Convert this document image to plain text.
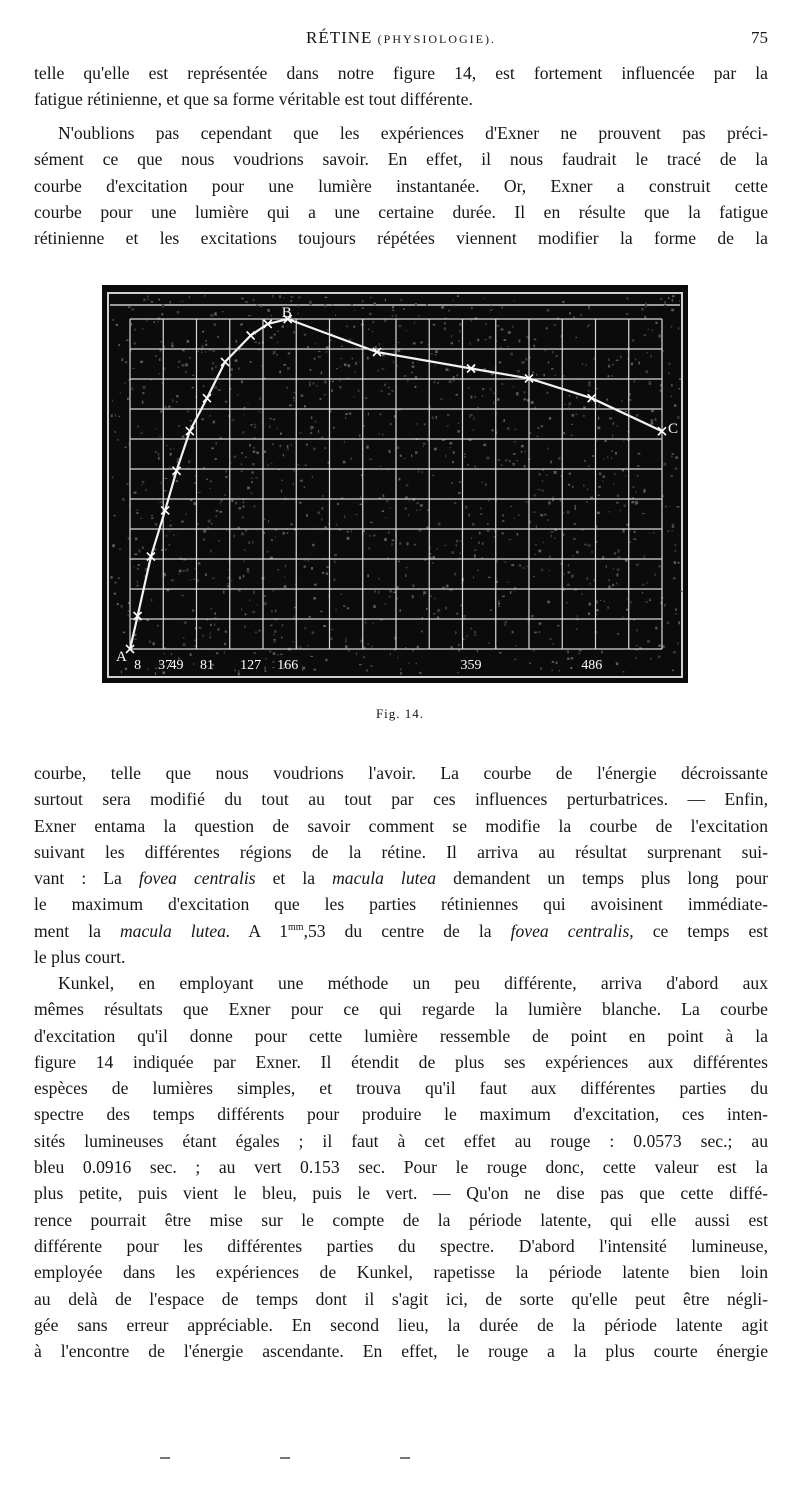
RÉTINE (PHYSIOLOGIE).	75

telle qu'elle est représentée dans notre figure 14, est fortement influencée par la
fatigue rétinienne, et que sa forme véritable est tout différente.

N'oublions pas cependant que les expériences d'Exner ne prouvent pas préci-
sément ce que nous voudrions savoir. En effet, il nous faudrait le tracé de la
courbe d'excitation pour une lumière instantanée. Or, Exner a construit cette
courbe pour une lumière qui a une certaine durée. Il en résulte que la fatigue
rétinienne et les excitations toujours répétées viennent modifier la forme de la

A
B
C
8 37
49 81 127 166	359	486
Fig. 14.

courbe, telle que nous voudrions l'avoir. La courbe de l'énergie décroissante
surtout sera modifié du tout au tout par ces influences perturbatrices. — Enfin,
Exner entama la question de savoir comment se modifie la courbe de l'excitation
suivant les différentes régions de la rétine. Il arriva au résultat surprenant sui-
vant : La fovea centralis et la macula lutea demandent un temps plus long pour
le maximum d'excitation que les parties rétiniennes qui avoisinent immédiate-
ment la macula lutea. A $1^{mm},53$ du centre de la fovea centralis, ce temps est
le plus court.

Kunkel, en employant une méthode un peu différente, arriva d'abord aux
mêmes résultats que Exner pour ce qui regarde la lumière blanche. La courbe
d'excitation qu'il donne pour cette lumière ressemble de point en point à la
figure 14 indiquée par Exner. Il étendit de plus ses expériences aux différentes
espèces de lumières simples, et trouva qu'il faut aux différentes parties du
spectre des temps différents pour produire le maximum d'excitation, ces inten-
sités lumineuses étant égales ; il faut à cet effet au rouge : 0.0573 sec.; au
bleu 0.0916 sec. ; au vert 0.153 sec. Pour le rouge donc, cette valeur est la
plus petite, puis vient le bleu, puis le vert. — Qu'on ne dise pas que cette diffé-
rence pourrait être mise sur le compte de la période latente, qui elle aussi est
différente pour les différentes parties du spectre. D'abord l'intensité lumineuse,
employée dans les expériences de Kunkel, rapetisse la période latente bien loin
au delà de l'espace de temps dont il s'agit ici, de sorte qu'elle peut être négli-
gée sans erreur appréciable. En second lieu, la durée de la période latente agit
à l'encontre de l'énergie ascendante. En effet, le rouge a la plus courte énergie
